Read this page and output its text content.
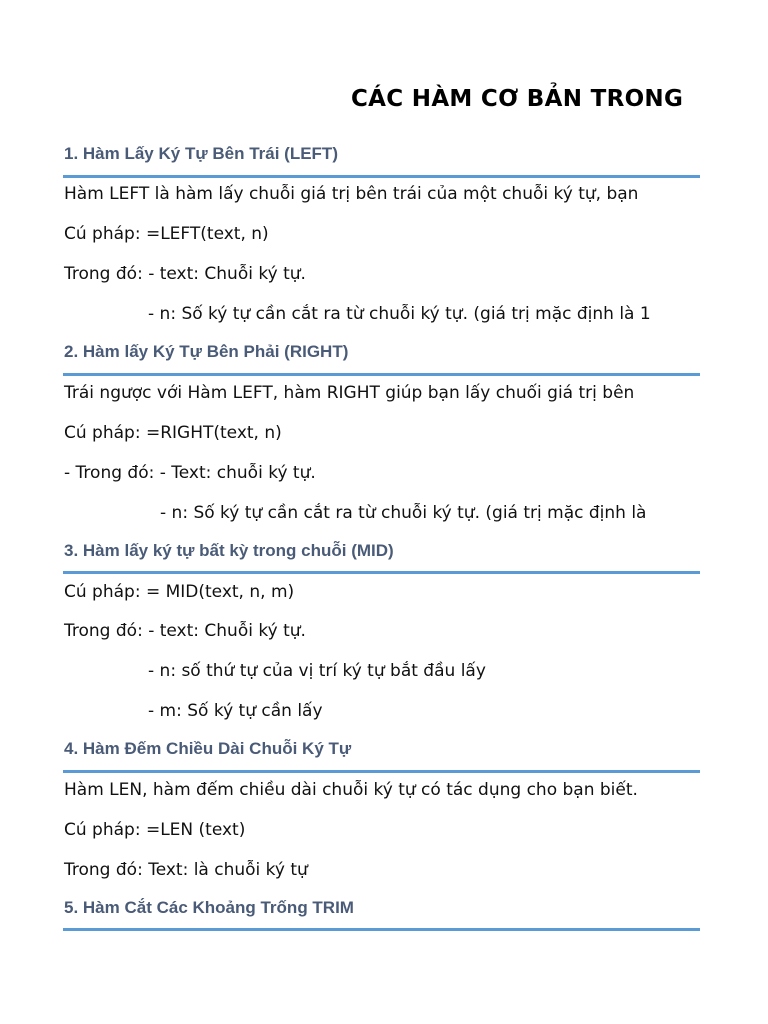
CÁC HÀM CƠ BẢN TRONG
1. Hàm Lấy Ký Tự Bên Trái (LEFT)
Hàm LEFT là hàm lấy chuỗi giá trị bên trái của một chuỗi ký tự, bạn
Cú pháp: =LEFT(text, n)
Trong đó: - text: Chuỗi ký tự.
- n: Số ký tự cần cắt ra từ chuỗi ký tự. (giá trị mặc định là 1
2. Hàm lấy Ký Tự Bên Phải (RIGHT)
Trái ngược với Hàm LEFT, hàm RIGHT giúp bạn lấy chuối giá trị bên
Cú pháp: =RIGHT(text, n)
- Trong đó: - Text: chuỗi ký tự.
- n: Số ký tự cần cắt ra từ chuỗi ký tự. (giá trị mặc định là
3. Hàm lấy ký tự bất kỳ trong chuỗi (MID)
Cú pháp: = MID(text, n, m)
Trong đó: - text: Chuỗi ký tự.
- n: số thứ tự của vị trí ký tự bắt đầu lấy
- m: Số ký tự cần lấy
4. Hàm Đếm Chiều Dài Chuỗi Ký Tự
Hàm LEN, hàm đếm chiều dài chuỗi ký tự có tác dụng cho bạn biết.
Cú pháp: =LEN (text)
Trong đó: Text: là chuỗi ký tự
5. Hàm Cắt Các Khoảng Trống TRIM
